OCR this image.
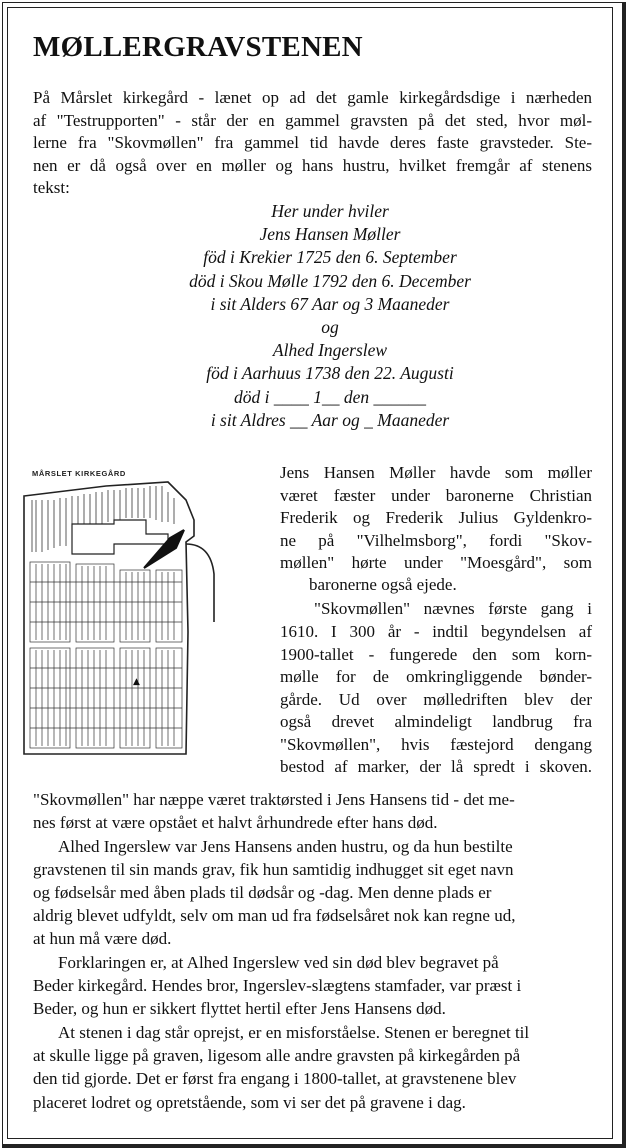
MØLLERGRAVSTENEN

På Mårslet kirkegård - lænet op ad det gamle kirkegårdsdige i nærheden
af "Testrupporten" - står der en gammel gravsten på det sted, hvor møl-
lerne fra "Skovmøllen" fra gammel tid havde deres faste gravsteder. Ste-
nen er då også over en møller og hans hustru, hvilket fremgår af stenens

tekst:

Her under hviler
Jens Hansen Møller
föd i Krekier 1725 den 6. September
död i Skou Mølle 1792 den 6. December
i sit Alders 67 Aar og 3 Maaneder
og
Alhed Ingerslew
föd i Aarhuus 1738 den 22. Augusti
död i ____ 1__ den ______
i sit Aldres __ Aar og _ Maaneder
MÅRSLET KIRKEGÅRD
▲

Jens Hansen Møller havde som møller
været fæster under baronerne Christian
Frederik og Frederik Julius Gyldenkro-
ne på "Vilhelmsborg", fordi "Skov-
møllen" hørte under "Moesgård", som

baronerne også ejede.

"Skovmøllen" nævnes første gang i

1610. I 300 år - indtil begyndelsen af
1900-tallet - fungerede den som korn-
mølle for de omkringliggende bønder-
gårde. Ud over mølledriften blev der
også drevet almindeligt landbrug fra
"Skovmøllen", hvis fæstejord dengang
bestod af marker, der lå spredt i skoven.

"Skovmøllen" har næppe været traktørsted i Jens Hansens tid - det me-

nes først at være opstået et halvt århundrede efter hans død.

Alhed Ingerslew var Jens Hansens anden hustru, og da hun bestilte

gravstenen til sin mands grav, fik hun samtidig indhugget sit eget navn

og fødselsår med åben plads til dødsår og -dag. Men denne plads er

aldrig blevet udfyldt, selv om man ud fra fødselsåret nok kan regne ud,

at hun må være død.

Forklaringen er, at Alhed Ingerslew ved sin død blev begravet på

Beder kirkegård. Hendes bror, Ingerslev-slægtens stamfader, var præst i

Beder, og hun er sikkert flyttet hertil efter Jens Hansens død.

At stenen i dag står oprejst, er en misforståelse. Stenen er beregnet til

at skulle ligge på graven, ligesom alle andre gravsten på kirkegården på

den tid gjorde. Det er først fra engang i 1800-tallet, at gravstenene blev

placeret lodret og opretstående, som vi ser det på gravene i dag.
